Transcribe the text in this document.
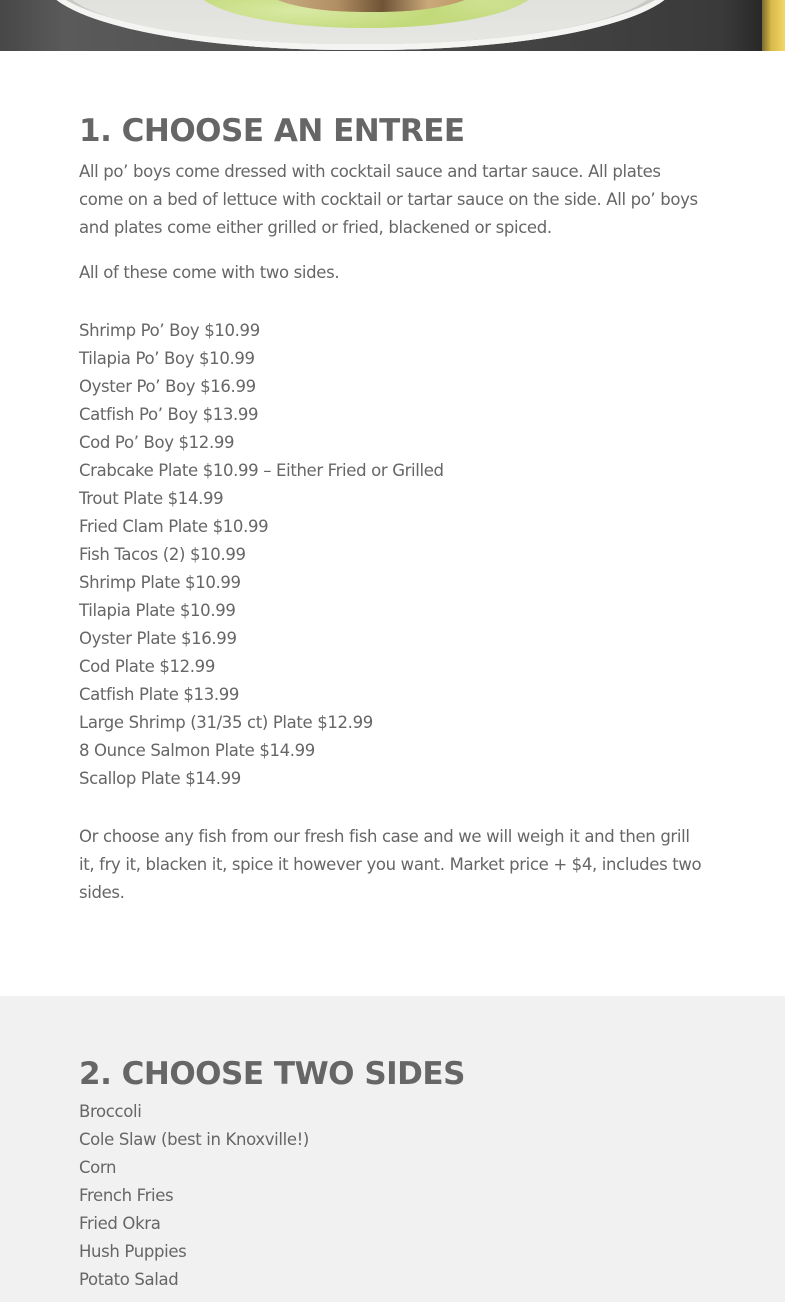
1. CHOOSE AN ENTREE

All po’ boys come dressed with cocktail sauce and tartar sauce. All plates come on a bed of lettuce with cocktail or tartar sauce on the side. All po’ boys and plates come either grilled or fried, blackened or spiced.

All of these come with two sides.

Shrimp Po’ Boy $10.99
Tilapia Po’ Boy $10.99
Oyster Po’ Boy $16.99
Catfish Po’ Boy $13.99
Cod Po’ Boy $12.99
Crabcake Plate $10.99 – Either Fried or Grilled
Trout Plate $14.99
Fried Clam Plate $10.99
Fish Tacos (2) $10.99
Shrimp Plate $10.99
Tilapia Plate $10.99
Oyster Plate $16.99
Cod Plate $12.99
Catfish Plate $13.99
Large Shrimp (31/35 ct) Plate $12.99
8 Ounce Salmon Plate $14.99
Scallop Plate $14.99

Or choose any fish from our fresh fish case and we will weigh it and then grill it, fry it, blacken it, spice it however you want. Market price + $4, includes two sides.

2. CHOOSE TWO SIDES
Broccoli
Cole Slaw (best in Knoxville!)
Corn
French Fries
Fried Okra
Hush Puppies
Potato Salad
